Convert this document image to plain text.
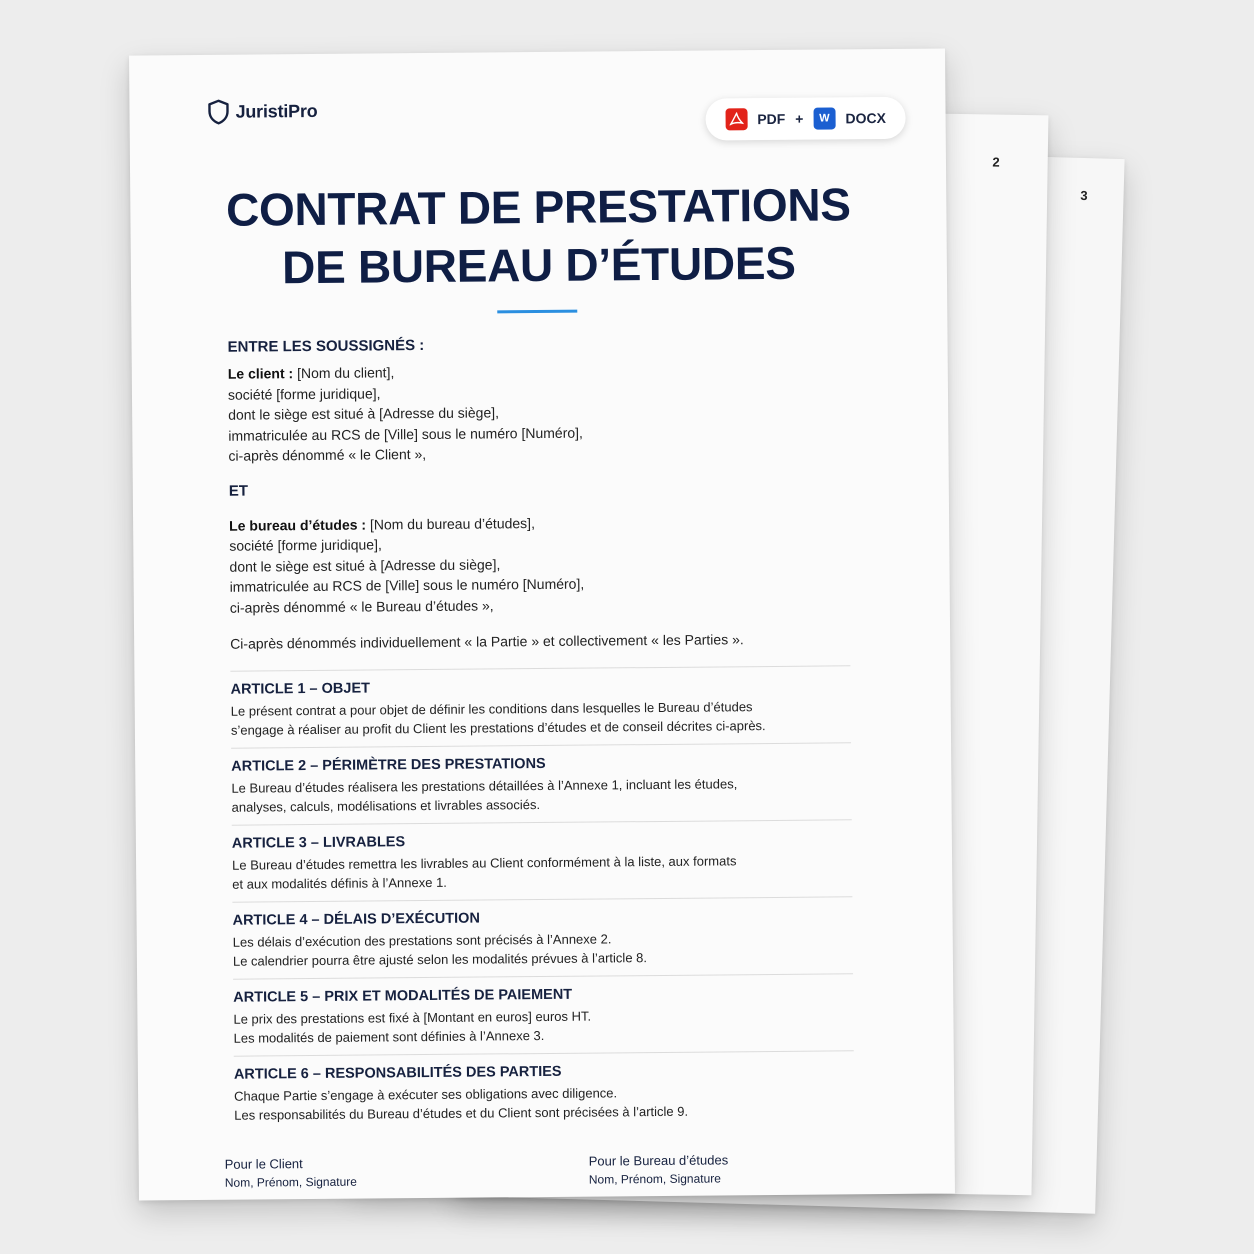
3
2
JuristiPro	PDF +	W	DOCX
CONTRAT DE PRESTATIONS
DE BUREAU D’ÉTUDES

ENTRE LES SOUSSIGNÉS :

Le client : [Nom du client],

société [forme juridique],

dont le siège est situé à [Adresse du siège],

immatriculée au RCS de [Ville] sous le numéro [Numéro],

ci-après dénommé « le Client »,

ET

Le bureau d’études : [Nom du bureau d’études],

société [forme juridique],

dont le siège est situé à [Adresse du siège],

immatriculée au RCS de [Ville] sous le numéro [Numéro],

ci-après dénommé « le Bureau d’études »,

Ci-après dénommés individuellement « la Partie » et collectivement « les Parties ».

ARTICLE 1 – OBJET

Le présent contrat a pour objet de définir les conditions dans lesquelles le Bureau d’études

s’engage à réaliser au profit du Client les prestations d’études et de conseil décrites ci-après.

ARTICLE 2 – PÉRIMÈTRE DES PRESTATIONS

Le Bureau d’études réalisera les prestations détaillées à l’Annexe 1, incluant les études,

analyses, calculs, modélisations et livrables associés.

ARTICLE 3 – LIVRABLES

Le Bureau d’études remettra les livrables au Client conformément à la liste, aux formats

et aux modalités définis à l’Annexe 1.

ARTICLE 4 – DÉLAIS D’EXÉCUTION

Les délais d’exécution des prestations sont précisés à l’Annexe 2.

Le calendrier pourra être ajusté selon les modalités prévues à l’article 8.

ARTICLE 5 – PRIX ET MODALITÉS DE PAIEMENT

Le prix des prestations est fixé à [Montant en euros] euros HT.

Les modalités de paiement sont définies à l’Annexe 3.

ARTICLE 6 – RESPONSABILITÉS DES PARTIES

Chaque Partie s’engage à exécuter ses obligations avec diligence.

Les responsabilités du Bureau d’études et du Client sont précisées à l’article 9.

Pour le Client
Nom, Prénom, Signature
Pour le Bureau d’études
Nom, Prénom, Signature
